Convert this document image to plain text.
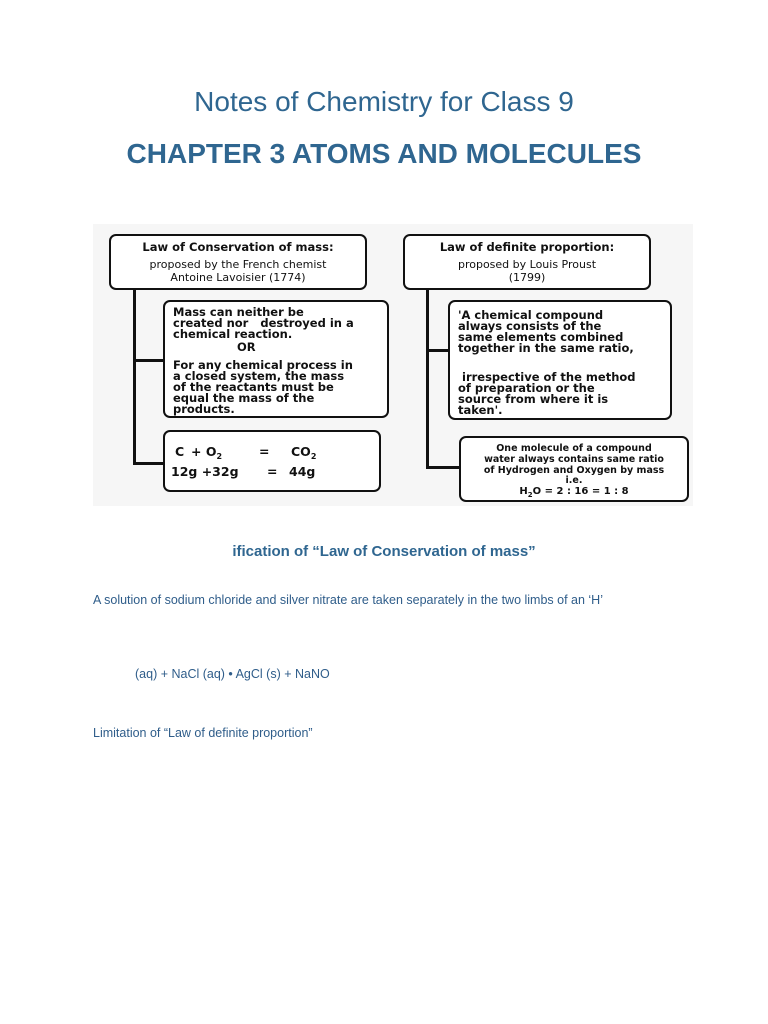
Notes of Chemistry for Class 9
CHAPTER 3 ATOMS AND MOLECULES
Law of Conservation of mass:
proposed by the French chemist
Antoine Lavoisier (1774)
Mass can neither be
created nor   destroyed in a
chemical reaction.
OR
For any chemical process in
a closed system, the mass
of the reactants must be
equal the mass of the
products.
$C + O_2$	= $CO_2$
12g +32g = 44g
Law of definite proportion:
proposed by Louis Proust
(1799)
'A chemical compound
always consists of the
same elements combined
together in the same ratio,
irrespective of the method
of preparation or the
source from where it is
taken'.
One molecule of a compound
water always contains same ratio
of Hydrogen and Oxygen by mass
i.e.
$H_2O = 2$ : 16 = 1 : 8
ification of “Law of Conservation of mass”
A solution of sodium chloride and silver nitrate are taken separately in the two limbs of an ‘H’
(aq) + NaCl (aq) • AgCl (s) + NaNO
Limitation of “Law of definite proportion”
